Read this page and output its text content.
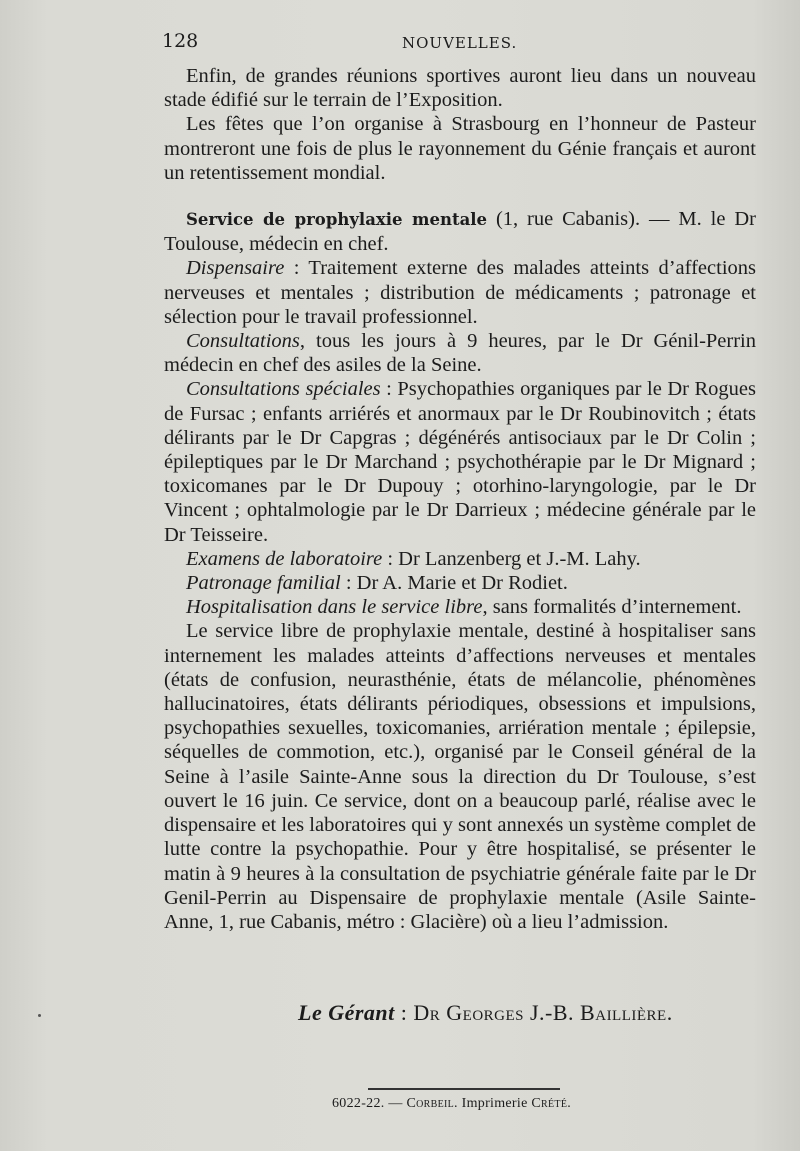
128	NOUVELLES.

Enfin, de grandes réunions sportives auront lieu dans un nouveau stade édifié sur le terrain de l’Exposition.

Les fêtes que l’on organise à Strasbourg en l’honneur de Pasteur montreront une fois de plus le rayonnement du Génie français et auront un retentissement mondial.

Service de prophylaxie mentale (1, rue Cabanis). — M. le Dr Toulouse, médecin en chef.

Dispensaire : Traitement externe des malades atteints d’affections nerveuses et mentales ; distribution de médicaments ; patronage et sélection pour le travail professionnel.

Consultations, tous les jours à 9 heures, par le Dr Génil-Perrin médecin en chef des asiles de la Seine.

Consultations spéciales : Psychopathies organiques par le Dr Rogues de Fursac ; enfants arriérés et anormaux par le Dr Roubinovitch ; états délirants par le Dr Capgras ; dégénérés antisociaux par le Dr Colin ; épileptiques par le Dr Marchand ; psychothérapie par le Dr Mignard ; toxicomanes par le Dr Dupouy ; otorhino-laryngologie, par le Dr Vincent ; ophtalmologie par le Dr Darrieux ; médecine générale par le Dr Teisseire.

Examens de laboratoire : Dr Lanzenberg et J.-M. Lahy.

Patronage familial : Dr A. Marie et Dr Rodiet.

Hospitalisation dans le service libre, sans formalités d’internement.

Le service libre de prophylaxie mentale, destiné à hospitaliser sans internement les malades atteints d’affections nerveuses et mentales (états de confusion, neurasthénie, états de mélancolie, phénomènes hallucinatoires, états délirants périodiques, obsessions et impulsions, psychopathies sexuelles, toxicomanies, arriération mentale ; épilepsie, séquelles de commotion, etc.), organisé par le Conseil général de la Seine à l’asile Sainte-Anne sous la direction du Dr Toulouse, s’est ouvert le 16 juin. Ce service, dont on a beaucoup parlé, réalise avec le dispensaire et les laboratoires qui y sont annexés un système complet de lutte contre la psychopathie. Pour y être hospitalisé, se présenter le matin à 9 heures à la consultation de psychiatrie générale faite par le Dr Genil-Perrin au Dispensaire de prophylaxie mentale (Asile Sainte-Anne, 1, rue Cabanis, métro : Glacière) où a lieu l’admission.

Le Gérant : Dr Georges J.-B. Baillière.
6022-22. — Corbeil. Imprimerie Crété.
